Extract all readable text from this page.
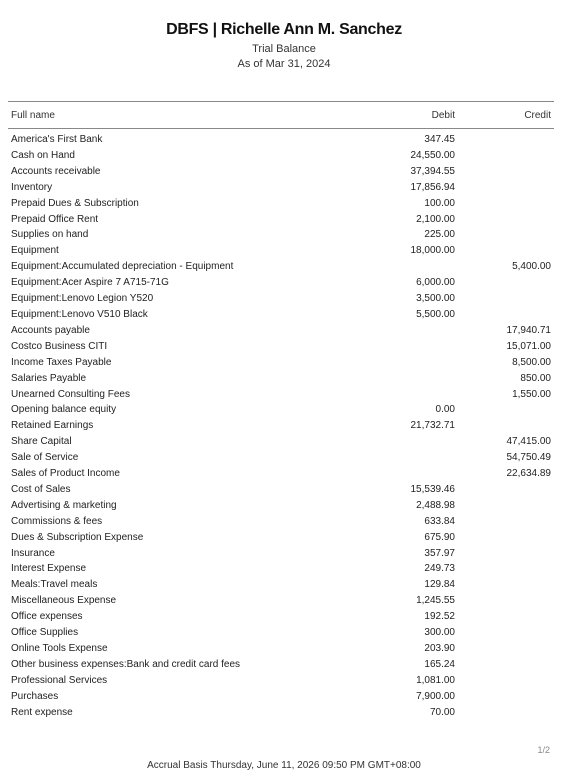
DBFS | Richelle Ann M. Sanchez
Trial Balance
As of Mar 31, 2024
Full name	Debit	Credit

America's First Bank	347.45	
Cash on Hand	24,550.00	
Accounts receivable	37,394.55	
Inventory	17,856.94	
Prepaid Dues & Subscription	100.00	
Prepaid Office Rent	2,100.00	
Supplies on hand	225.00	
Equipment	18,000.00	
Equipment:Accumulated depreciation - Equipment		5,400.00
Equipment:Acer Aspire 7 A715-71G	6,000.00	
Equipment:Lenovo Legion Y520	3,500.00	
Equipment:Lenovo V510 Black	5,500.00	
Accounts payable		17,940.71
Costco Business CITI		15,071.00
Income Taxes Payable		8,500.00
Salaries Payable		850.00
Unearned Consulting Fees		1,550.00
Opening balance equity	0.00	
Retained Earnings	21,732.71	
Share Capital		47,415.00
Sale of Service		54,750.49
Sales of Product Income		22,634.89
Cost of Sales	15,539.46	
Advertising & marketing	2,488.98	
Commissions & fees	633.84	
Dues & Subscription Expense	675.90	
Insurance	357.97	
Interest Expense	249.73	
Meals:Travel meals	129.84	
Miscellaneous Expense	1,245.55	
Office expenses	192.52	
Office Supplies	300.00	
Online Tools Expense	203.90	
Other business expenses:Bank and credit card fees	165.24	
Professional Services	1,081.00	
Purchases	7,900.00	
Rent expense	70.00	
1/2
Accrual Basis Thursday, June 11, 2026 09:50 PM GMT+08:00
